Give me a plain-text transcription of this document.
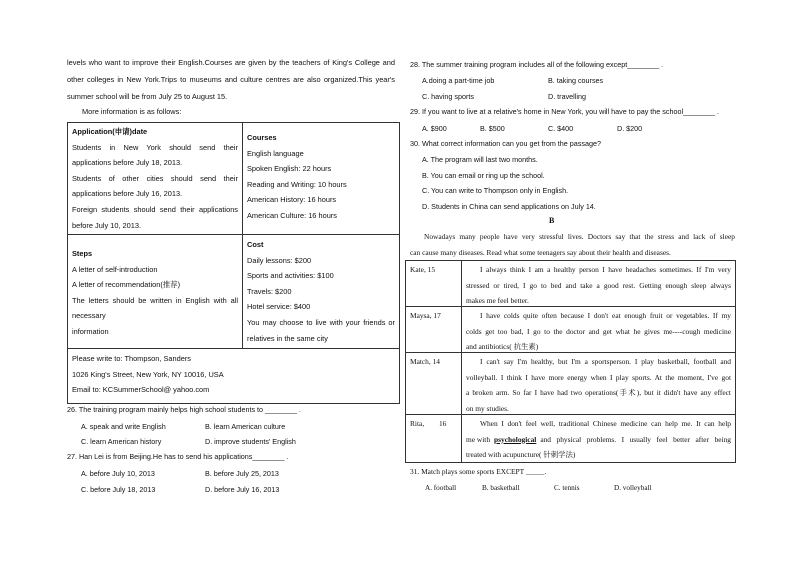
levels who want to improve their English.Courses are given by the teachers of King's College and
other colleges in New York.Trips to museums and culture centres are also organized.This year's
summer school will be from July 25 to August 15.
More information is as follows:
Application(申请)date
Students in New York should send their
applications before July 18, 2013.
Students of other cities should send their
applications before July 16, 2013.
Foreign students should send their applications
before July 10, 2013.
Courses
English language
Spoken English: 22 hours
Reading and Writing: 10 hours
American History: 16 hours
American Culture: 16 hours
Steps
A letter of self-introduction
A letter of recommendation(推荐)
The letters should be written in English with all
necessary
information
Cost
Daily lessons: $200
Sports and activities: $100
Travels: $200
Hotel service: $400
You may choose to live with your friends or
relatives in the same city
Please write to: Thompson, Sanders
1026 King's Street, New York, NY 10016, USA
Email to: KCSummerSchool@ yahoo.com
26. The training program mainly helps high school students to ________ .
A. speak and write English	B. learn American culture
C. learn American history	D. improve students' English
27. Han Lei is from Beijing.He has to send his applications________ .
A. before July 10, 2013	B. before July 25, 2013
C. before July 18, 2013	D. before July 16, 2013
28. The summer training program includes all of the following except________ .
A.doing a part-time job	B. taking courses
C. having sports	D. travelling
29. If you want to live at a relative's home in New York, you will have to pay the school________ .
A. $900	B. $500	C. $400	D. $200
30. What correct information can you get from the passage?
A. The program will last two months.
B. You can email or ring up the school.
C. You can write to Thompson only in English.
D. Students in China can send applications on July 14.
B
Nowadays many people have very stressful lives. Doctors say that the stress and lack of sleep
can cause many diseases. Read what some teenagers say about their health and diseases.
Kate, 15	I always think I am a healthy person I have headaches sometimes. If I'm very
stressed or tired, I go to bed and take a good rest. Getting enough sleep always
makes me feel better.
Maysa, 17	I have colds quite often because I don't eat enough fruit or vegetables. If my
colds get too bad, I go to the doctor and get what he gives me----cough medicine
and antibiotics( 抗生素)
Match, 14	I can't say I'm healthy, but I'm a sportsperson. I play basketball, football and
volleyball. I think I have more energy when I play sports. At the moment, I've got
a broken arm. So far I have had two operations(手术), but it didn't have any effect
on my studies.
Rita,        16	When I don't feel well, traditional Chinese medicine can help me. It can help
me with psychological and physical problems. I usually feel better after being
treated with acupuncture( 针刺学法)
31. Match plays some sports EXCEPT _____.
A. football	B. basketball	C. tennis	D. volleyball
